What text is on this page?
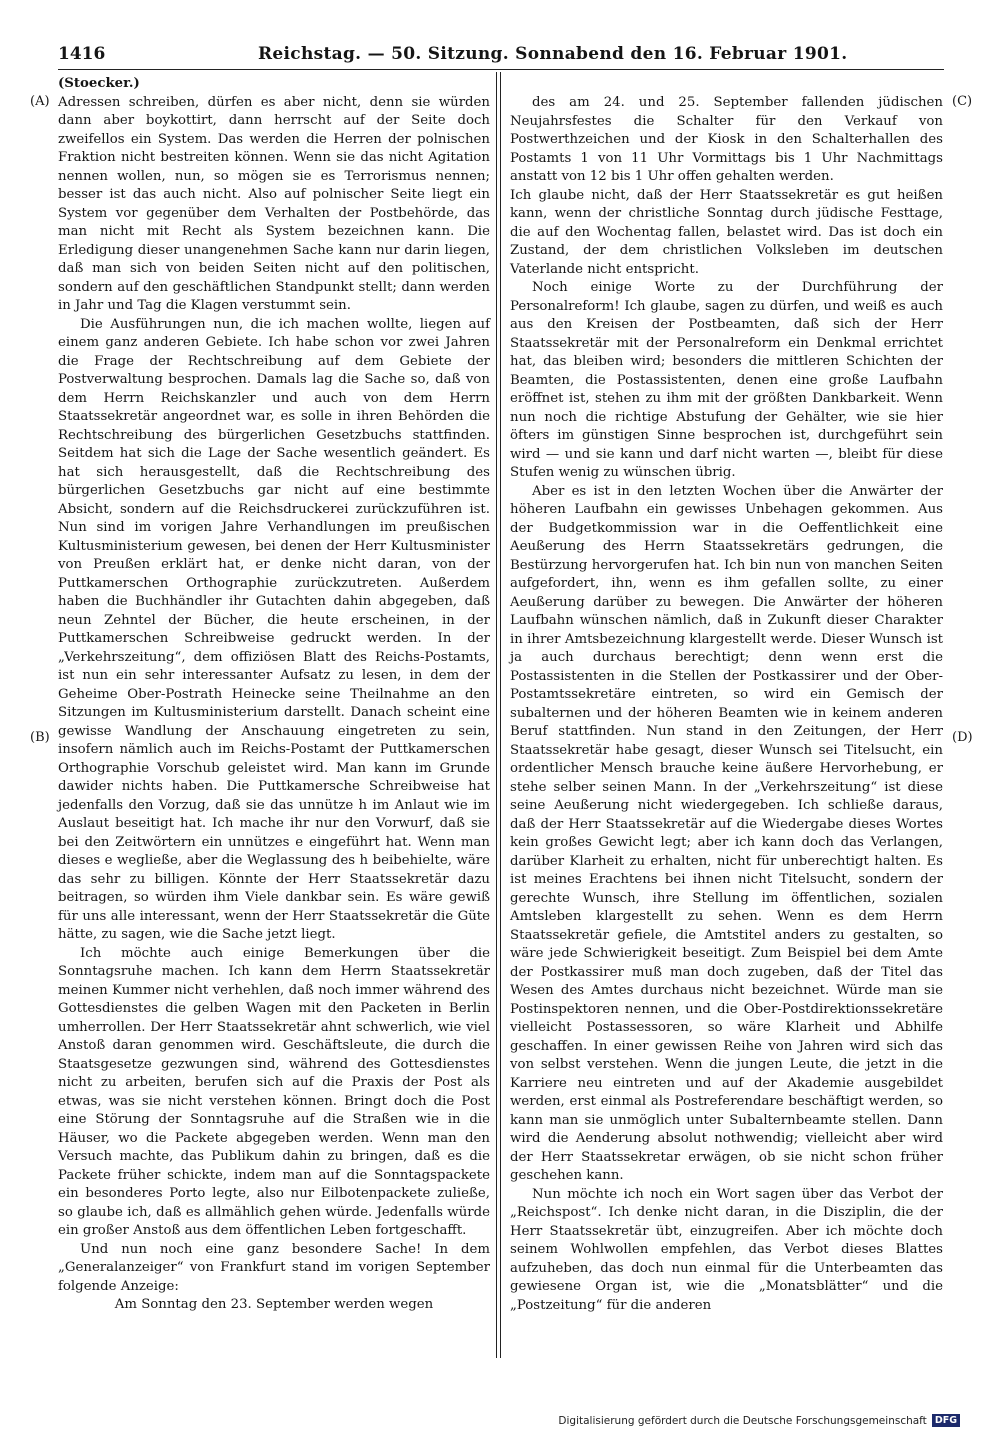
1416	Reichstag. — 50. Sitzung. Sonnabend den 16. Februar 1901.
(A)
(B)
(C)
(D)

(Stoecker.)

Adressen schreiben, dürfen es aber nicht, denn sie würden dann aber boykottirt, dann herrscht auf der Seite doch zweifellos ein System. Das werden die Herren der polnischen Fraktion nicht bestreiten können. Wenn sie das nicht Agitation nennen wollen, nun, so mögen sie es Terrorismus nennen; besser ist das auch nicht. Also auf polnischer Seite liegt ein System vor gegenüber dem Verhalten der Postbehörde, das man nicht mit Recht als System bezeichnen kann. Die Erledigung dieser unangenehmen Sache kann nur darin liegen, daß man sich von beiden Seiten nicht auf den politischen, sondern auf den geschäftlichen Standpunkt stellt; dann werden in Jahr und Tag die Klagen verstummt sein.

Die Ausführungen nun, die ich machen wollte, liegen auf einem ganz anderen Gebiete. Ich habe schon vor zwei Jahren die Frage der Rechtschreibung auf dem Gebiete der Postverwaltung besprochen. Damals lag die Sache so, daß von dem Herrn Reichskanzler und auch von dem Herrn Staatssekretär angeordnet war, es solle in ihren Behörden die Rechtschreibung des bürgerlichen Gesetzbuchs stattfinden. Seitdem hat sich die Lage der Sache wesentlich geändert. Es hat sich herausgestellt, daß die Rechtschreibung des bürgerlichen Gesetzbuchs gar nicht auf eine bestimmte Absicht, sondern auf die Reichsdruckerei zurückzuführen ist. Nun sind im vorigen Jahre Verhandlungen im preußischen Kultusministerium gewesen, bei denen der Herr Kultusminister von Preußen erklärt hat, er denke nicht daran, von der Puttkamerschen Orthographie zurückzutreten. Außerdem haben die Buchhändler ihr Gutachten dahin abgegeben, daß neun Zehntel der Bücher, die heute erscheinen, in der Puttkamerschen Schreibweise gedruckt werden. In der „Verkehrszeitung“, dem offiziösen Blatt des Reichs-Postamts, ist nun ein sehr interessanter Aufsatz zu lesen, in dem der Geheime Ober-Postrath Heinecke seine Theilnahme an den Sitzungen im Kultusministerium darstellt. Danach scheint eine gewisse Wandlung der Anschauung eingetreten zu sein, insofern nämlich auch im Reichs-Postamt der Puttkamerschen Orthographie Vorschub geleistet wird. Man kann im Grunde dawider nichts haben. Die Puttkamersche Schreibweise hat jedenfalls den Vorzug, daß sie das unnütze h im Anlaut wie im Auslaut beseitigt hat. Ich mache ihr nur den Vorwurf, daß sie bei den Zeitwörtern ein unnützes e eingeführt hat. Wenn man dieses e wegließe, aber die Weglassung des h beibehielte, wäre das sehr zu billigen. Könnte der Herr Staatssekretär dazu beitragen, so würden ihm Viele dankbar sein. Es wäre gewiß für uns alle interessant, wenn der Herr Staatssekretär die Güte hätte, zu sagen, wie die Sache jetzt liegt.

Ich möchte auch einige Bemerkungen über die Sonntagsruhe machen. Ich kann dem Herrn Staatssekretär meinen Kummer nicht verhehlen, daß noch immer während des Gottesdienstes die gelben Wagen mit den Packeten in Berlin umherrollen. Der Herr Staatssekretär ahnt schwerlich, wie viel Anstoß daran genommen wird. Geschäftsleute, die durch die Staatsgesetze gezwungen sind, während des Gottesdienstes nicht zu arbeiten, berufen sich auf die Praxis der Post als etwas, was sie nicht verstehen können. Bringt doch die Post eine Störung der Sonntagsruhe auf die Straßen wie in die Häuser, wo die Packete abgegeben werden. Wenn man den Versuch machte, das Publikum dahin zu bringen, daß es die Packete früher schickte, indem man auf die Sonntagspackete ein besonderes Porto legte, also nur Eilbotenpackete zuließe, so glaube ich, daß es allmählich gehen würde. Jedenfalls würde ein großer Anstoß aus dem öffentlichen Leben fortgeschafft.

Und nun noch eine ganz besondere Sache! In dem „Generalanzeiger“ von Frankfurt stand im vorigen September folgende Anzeige:

Am Sonntag den 23. September werden wegen

des am 24. und 25. September fallenden jüdischen Neujahrsfestes die Schalter für den Verkauf von Postwerthzeichen und der Kiosk in den Schalterhallen des Postamts 1 von 11 Uhr Vormittags bis 1 Uhr Nachmittags anstatt von 12 bis 1 Uhr offen gehalten werden.

Ich glaube nicht, daß der Herr Staatssekretär es gut heißen kann, wenn der christliche Sonntag durch jüdische Festtage, die auf den Wochentag fallen, belastet wird. Das ist doch ein Zustand, der dem christlichen Volksleben im deutschen Vaterlande nicht entspricht.

Noch einige Worte zu der Durchführung der Personalreform! Ich glaube, sagen zu dürfen, und weiß es auch aus den Kreisen der Postbeamten, daß sich der Herr Staatssekretär mit der Personalreform ein Denkmal errichtet hat, das bleiben wird; besonders die mittleren Schichten der Beamten, die Postassistenten, denen eine große Laufbahn eröffnet ist, stehen zu ihm mit der größten Dankbarkeit. Wenn nun noch die richtige Abstufung der Gehälter, wie sie hier öfters im günstigen Sinne besprochen ist, durchgeführt sein wird — und sie kann und darf nicht warten —, bleibt für diese Stufen wenig zu wünschen übrig.

Aber es ist in den letzten Wochen über die Anwärter der höheren Laufbahn ein gewisses Unbehagen gekommen. Aus der Budgetkommission war in die Oeffentlichkeit eine Aeußerung des Herrn Staatssekretärs gedrungen, die Bestürzung hervorgerufen hat. Ich bin nun von manchen Seiten aufgefordert, ihn, wenn es ihm gefallen sollte, zu einer Aeußerung darüber zu bewegen. Die Anwärter der höheren Laufbahn wünschen nämlich, daß in Zukunft dieser Charakter in ihrer Amtsbezeichnung klargestellt werde. Dieser Wunsch ist ja auch durchaus berechtigt; denn wenn erst die Postassistenten in die Stellen der Postkassirer und der Ober-Postamtssekretäre eintreten, so wird ein Gemisch der subalternen und der höheren Beamten wie in keinem anderen Beruf stattfinden. Nun stand in den Zeitungen, der Herr Staatssekretär habe gesagt, dieser Wunsch sei Titelsucht, ein ordentlicher Mensch brauche keine äußere Hervorhebung, er stehe selber seinen Mann. In der „Verkehrszeitung“ ist diese seine Aeußerung nicht wiedergegeben. Ich schließe daraus, daß der Herr Staatssekretär auf die Wiedergabe dieses Wortes kein großes Gewicht legt; aber ich kann doch das Verlangen, darüber Klarheit zu erhalten, nicht für unberechtigt halten. Es ist meines Erachtens bei ihnen nicht Titelsucht, sondern der gerechte Wunsch, ihre Stellung im öffentlichen, sozialen Amtsleben klargestellt zu sehen. Wenn es dem Herrn Staatssekretär gefiele, die Amtstitel anders zu gestalten, so wäre jede Schwierigkeit beseitigt. Zum Beispiel bei dem Amte der Postkassirer muß man doch zugeben, daß der Titel das Wesen des Amtes durchaus nicht bezeichnet. Würde man sie Postinspektoren nennen, und die Ober-Postdirektionssekretäre vielleicht Postassessoren, so wäre Klarheit und Abhilfe geschaffen. In einer gewissen Reihe von Jahren wird sich das von selbst verstehen. Wenn die jungen Leute, die jetzt in die Karriere neu eintreten und auf der Akademie ausgebildet werden, erst einmal als Postreferendare beschäftigt werden, so kann man sie unmöglich unter Subalternbeamte stellen. Dann wird die Aenderung absolut nothwendig; vielleicht aber wird der Herr Staatssekretar erwägen, ob sie nicht schon früher geschehen kann.

Nun möchte ich noch ein Wort sagen über das Verbot der „Reichspost“. Ich denke nicht daran, in die Disziplin, die der Herr Staatssekretär übt, einzugreifen. Aber ich möchte doch seinem Wohlwollen empfehlen, das Verbot dieses Blattes aufzuheben, das doch nun einmal für die Unterbeamten das gewiesene Organ ist, wie die „Monatsblätter“ und die „Postzeitung“ für die anderen

Digitalisierung gefördert durch die Deutsche Forschungsgemeinschaft DFG
